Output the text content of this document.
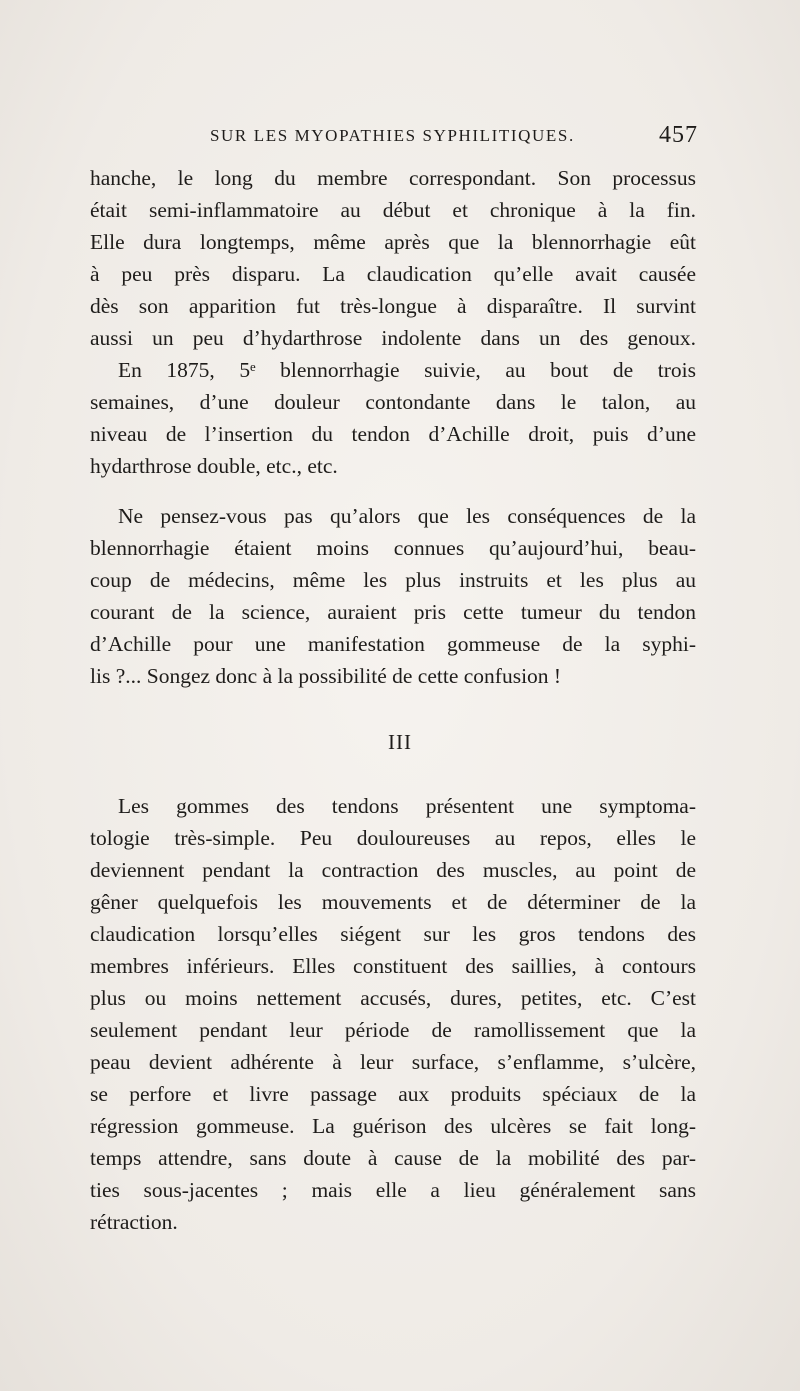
SUR LES MYOPATHIES SYPHILITIQUES.	457
hanche, le long du membre correspondant. Son processus
était semi-inflammatoire au début et chronique à la fin.
Elle dura longtemps, même après que la blennorrhagie eût
à peu près disparu. La claudication qu’elle avait causée
dès son apparition fut très-longue à disparaître. Il survint
aussi un peu d’hydarthrose indolente dans un des genoux.
En 1875, 5ᵉ blennorrhagie suivie, au bout de trois
semaines, d’une douleur contondante dans le talon, au
niveau de l’insertion du tendon d’Achille droit, puis d’une
hydarthrose double, etc., etc.
Ne pensez-vous pas qu’alors que les conséquences de la
blennorrhagie étaient moins connues qu’aujourd’hui, beau-
coup de médecins, même les plus instruits et les plus au
courant de la science, auraient pris cette tumeur du tendon
d’Achille pour une manifestation gommeuse de la syphi-
lis ?... Songez donc à la possibilité de cette confusion !
III
Les gommes des tendons présentent une symptoma-
tologie très-simple. Peu douloureuses au repos, elles le
deviennent pendant la contraction des muscles, au point de
gêner quelquefois les mouvements et de déterminer de la
claudication lorsqu’elles siégent sur les gros tendons des
membres inférieurs. Elles constituent des saillies, à contours
plus ou moins nettement accusés, dures, petites, etc. C’est
seulement pendant leur période de ramollissement que la
peau devient adhérente à leur surface, s’enflamme, s’ulcère,
se perfore et livre passage aux produits spéciaux de la
régression gommeuse. La guérison des ulcères se fait long-
temps attendre, sans doute à cause de la mobilité des par-
ties sous-jacentes ; mais elle a lieu généralement sans
rétraction.
